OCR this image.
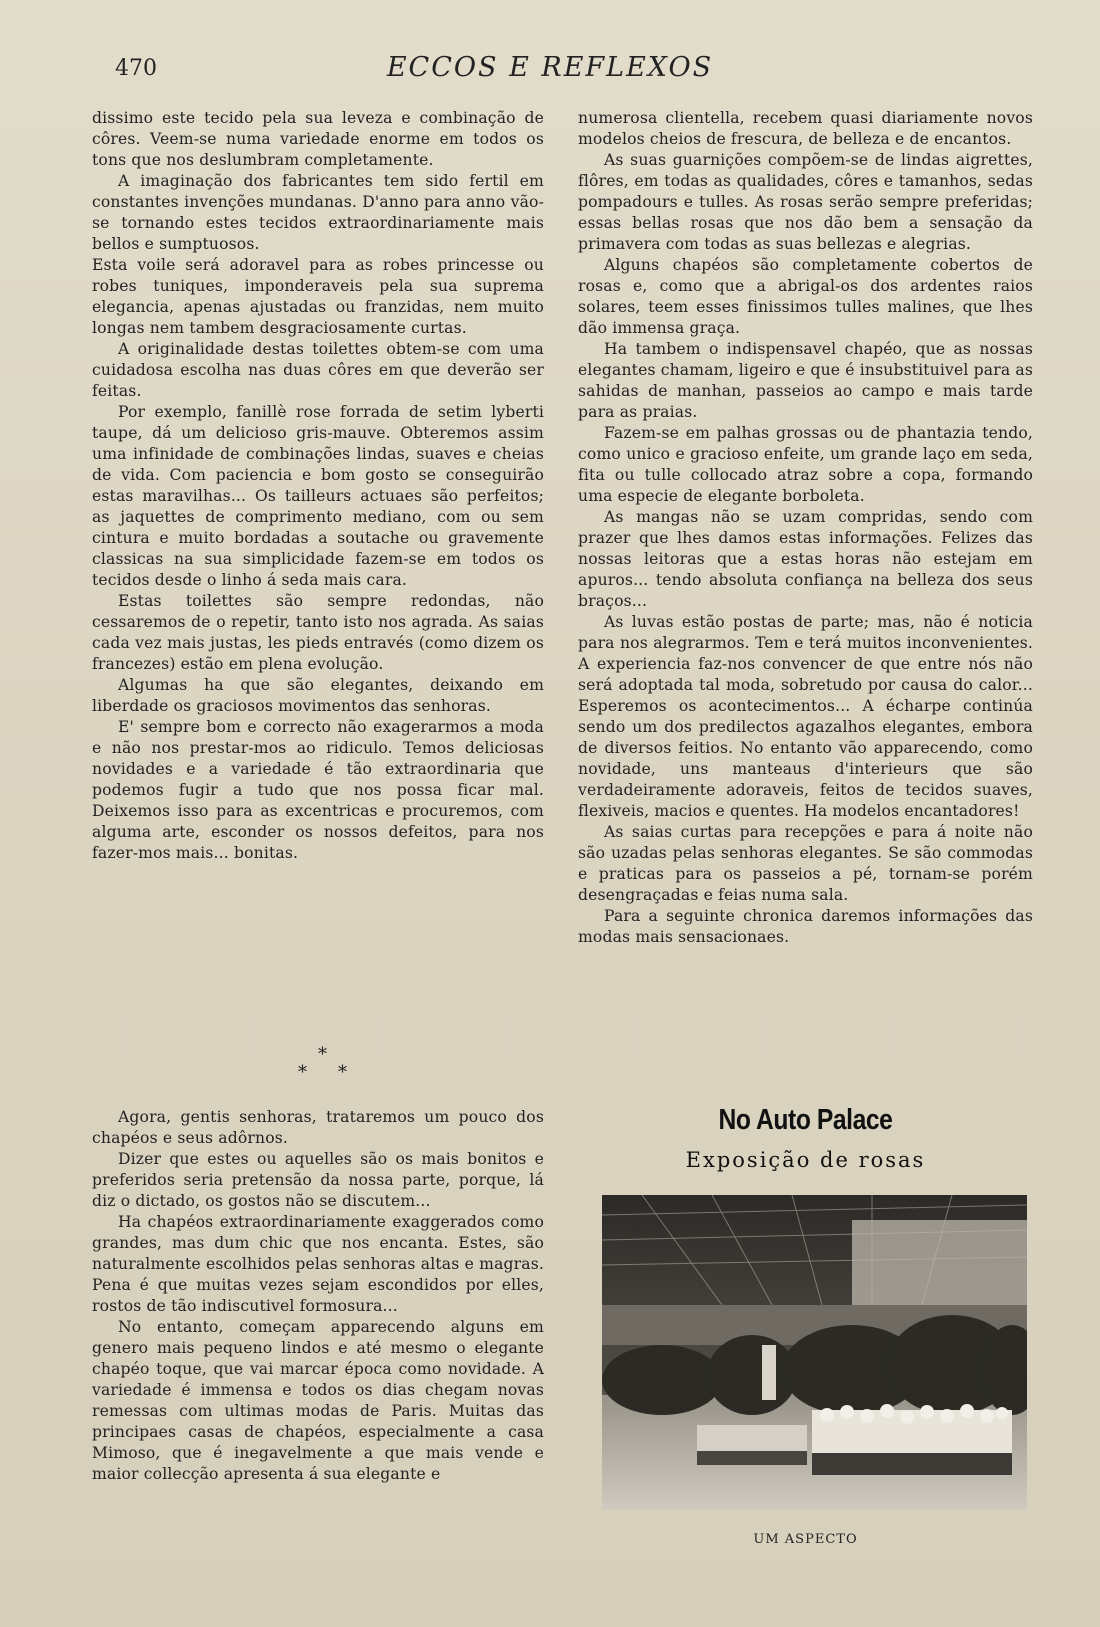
470	ECCOS E REFLEXOS

dissimo este tecido pela sua leveza e combinação de côres. Veem-se numa variedade enorme em todos os tons que nos deslumbram completamente.

A imaginação dos fabricantes tem sido fertil em constantes invenções mundanas. D'anno para anno vão-se tornando estes tecidos extraordinariamente mais bellos e sumptuosos.

Esta voile será adoravel para as robes princesse ou robes tuniques, imponderaveis pela sua suprema elegancia, apenas ajustadas ou franzidas, nem muito longas nem tambem desgraciosamente curtas.

A originalidade destas toilettes obtem-se com uma cuidadosa escolha nas duas côres em que deverão ser feitas.

Por exemplo, fanillè rose forrada de setim lyberti taupe, dá um delicioso gris-mauve. Obteremos assim uma infinidade de combinações lindas, suaves e cheias de vida. Com paciencia e bom gosto se conseguirão estas maravilhas... Os tailleurs actuaes são perfeitos; as jaquettes de comprimento mediano, com ou sem cintura e muito bordadas a soutache ou gravemente classicas na sua simplicidade fazem-se em todos os tecidos desde o linho á seda mais cara.

Estas toilettes são sempre redondas, não cessaremos de o repetir, tanto isto nos agrada. As saias cada vez mais justas, les pieds entravés (como dizem os francezes) estão em plena evolução.

Algumas ha que são elegantes, deixando em liberdade os graciosos movimentos das senhoras.

E' sempre bom e correcto não exagerarmos a moda e não nos prestar-mos ao ridiculo. Temos deliciosas novidades e a variedade é tão extraordinaria que podemos fugir a tudo que nos possa ficar mal. Deixemos isso para as excentricas e procuremos, com alguma arte, esconder os nossos defeitos, para nos fazer-mos mais... bonitas.

*
* *

Agora, gentis senhoras, trataremos um pouco dos chapéos e seus adôrnos.

Dizer que estes ou aquelles são os mais bonitos e preferidos seria pretensão da nossa parte, porque, lá diz o dictado, os gostos não se discutem...

Ha chapéos extraordinariamente exaggerados como grandes, mas dum chic que nos encanta. Estes, são naturalmente escolhidos pelas senhoras altas e magras. Pena é que muitas vezes sejam escondidos por elles, rostos de tão indiscutivel formosura...

No entanto, começam apparecendo alguns em genero mais pequeno lindos e até mesmo o elegante chapéo toque, que vai marcar época como novidade. A variedade é immensa e todos os dias chegam novas remessas com ultimas modas de Paris. Muitas das principaes casas de chapéos, especialmente a casa Mimoso, que é inegavelmente a que mais vende e maior collecção apresenta á sua elegante e

numerosa clientella, recebem quasi diariamente novos modelos cheios de frescura, de belleza e de encantos.

As suas guarnições compõem-se de lindas aigrettes, flôres, em todas as qualidades, côres e tamanhos, sedas pompadours e tulles. As rosas serão sempre preferidas; essas bellas rosas que nos dão bem a sensação da primavera com todas as suas bellezas e alegrias.

Alguns chapéos são completamente cobertos de rosas e, como que a abrigal-os dos ardentes raios solares, teem esses finissimos tulles malines, que lhes dão immensa graça.

Ha tambem o indispensavel chapéo, que as nossas elegantes chamam, ligeiro e que é insubstituivel para as sahidas de manhan, passeios ao campo e mais tarde para as praias.

Fazem-se em palhas grossas ou de phantazia tendo, como unico e gracioso enfeite, um grande laço em seda, fita ou tulle collocado atraz sobre a copa, formando uma especie de elegante borboleta.

As mangas não se uzam compridas, sendo com prazer que lhes damos estas informações. Felizes das nossas leitoras que a estas horas não estejam em apuros... tendo absoluta confiança na belleza dos seus braços...

As luvas estão postas de parte; mas, não é noticia para nos alegrarmos. Tem e terá muitos inconvenientes. A experiencia faz-nos convencer de que entre nós não será adoptada tal moda, sobretudo por causa do calor... Esperemos os acontecimentos... A écharpe continúa sendo um dos predilectos agazalhos elegantes, embora de diversos feitios. No entanto vão apparecendo, como novidade, uns manteaus d'interieurs que são verdadeiramente adoraveis, feitos de tecidos suaves, flexiveis, macios e quentes. Ha modelos encantadores!

As saias curtas para recepções e para á noite não são uzadas pelas senhoras elegantes. Se são commodas e praticas para os passeios a pé, tornam-se porém desengraçadas e feias numa sala.

Para a seguinte chronica daremos informações das modas mais sensacionaes.

No Auto Palace
Exposição de rosas
UM ASPECTO
